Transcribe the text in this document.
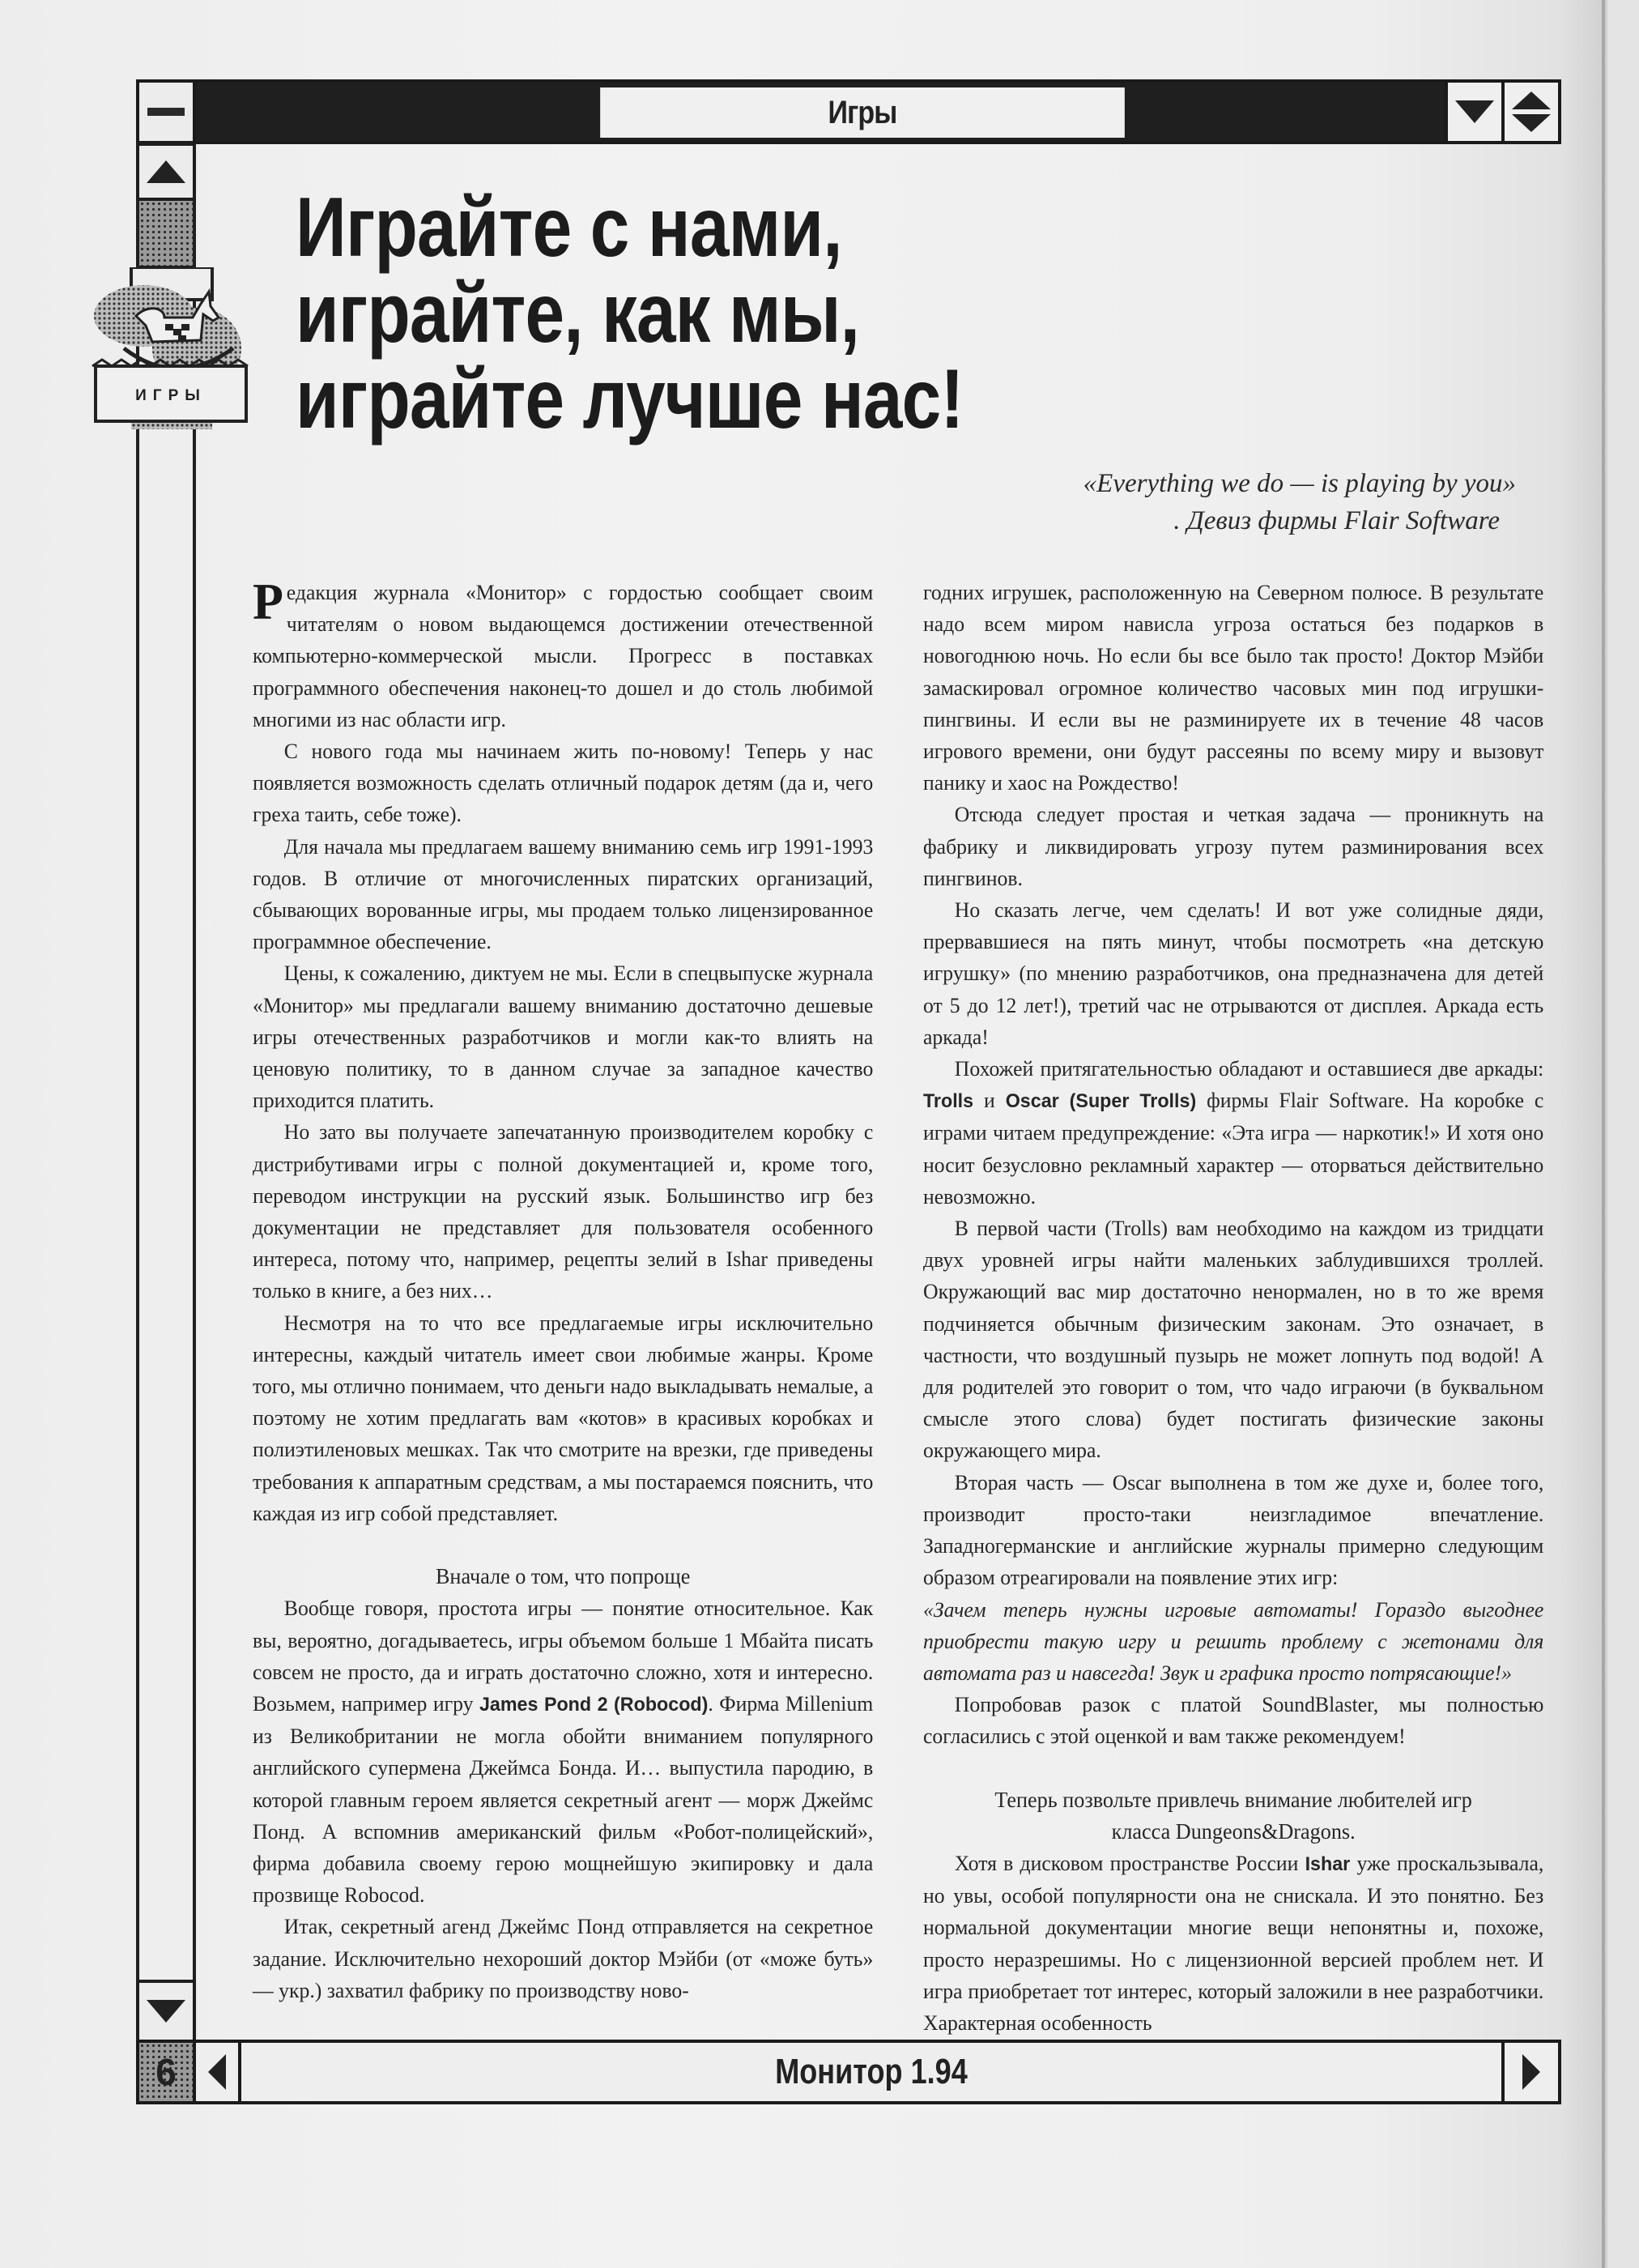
Игры
ИГРЫ
Играйте с нами,
играйте, как мы,
играйте лучше нас!
«Everything we do — is playing by you»
. Девиз фирмы Flair Software

Редакция журнала «Монитор» с гордостью сообщает своим читателям о новом выдающемся достижении отечественной компьютерно-коммерческой мысли. Прогресс в поставках программного обеспечения наконец-то дошел и до столь любимой многими из нас области игр.

С нового года мы начинаем жить по-новому! Теперь у нас появляется возможность сделать отличный подарок детям (да и, чего греха таить, себе тоже).

Для начала мы предлагаем вашему вниманию семь игр 1991-1993 годов. В отличие от многочисленных пиратских организаций, сбывающих ворованные игры, мы продаем только лицензированное программное обеспечение.

Цены, к сожалению, диктуем не мы. Если в спецвыпуске журнала «Монитор» мы предлагали вашему вниманию достаточно дешевые игры отечественных разработчиков и могли как-то влиять на ценовую политику, то в данном случае за западное качество приходится платить.

Но зато вы получаете запечатанную производителем коробку с дистрибутивами игры с полной документацией и, кроме того, переводом инструкции на русский язык. Большинство игр без документации не представляет для пользователя особенного интереса, потому что, например, рецепты зелий в Ishar приведены только в книге, а без них…

Несмотря на то что все предлагаемые игры исключительно интересны, каждый читатель имеет свои любимые жанры. Кроме того, мы отлично понимаем, что деньги надо выкладывать немалые, а поэтому не хотим предлагать вам «котов» в красивых коробках и полиэтиленовых мешках. Так что смотрите на врезки, где приведены требования к аппаратным средствам, а мы постараемся пояснить, что каждая из игр собой представляет.

Вначале о том, что попроще

Вообще говоря, простота игры — понятие относительное. Как вы, вероятно, догадываетесь, игры объемом больше 1 Мбайта писать совсем не просто, да и играть достаточно сложно, хотя и интересно. Возьмем, например игру James Pond 2 (Robocod). Фирма Millenium из Великобритании не могла обойти вниманием популярного английского супермена Джеймса Бонда. И… выпустила пародию, в которой главным героем является секретный агент — морж Джеймс Понд. А вспомнив американский фильм «Робот-полицейский», фирма добавила своему герою мощнейшую экипировку и дала прозвище Robocod.

Итак, секретный агенд Джеймс Понд отправляется на секретное задание. Исключительно нехороший доктор Мэйби (от «може буть» — укр.) захватил фабрику по производству ново-

годних игрушек, расположенную на Северном полюсе. В результате надо всем миром нависла угроза остаться без подарков в новогоднюю ночь. Но если бы все было так просто! Доктор Мэйби замаскировал огромное количество часовых мин под игрушки-пингвины. И если вы не разминируете их в течение 48 часов игрового времени, они будут рассеяны по всему миру и вызовут панику и хаос на Рождество!

Отсюда следует простая и четкая задача — проникнуть на фабрику и ликвидировать угрозу путем разминирования всех пингвинов.

Но сказать легче, чем сделать! И вот уже солидные дяди, прервавшиеся на пять минут, чтобы посмотреть «на детскую игрушку» (по мнению разработчиков, она предназначена для детей от 5 до 12 лет!), третий час не отрываются от дисплея. Аркада есть аркада!

Похожей притягательностью обладают и оставшиеся две аркады: Trolls и Oscar (Super Trolls) фирмы Flair Software. На коробке с играми читаем предупреждение: «Эта игра — наркотик!» И хотя оно носит безусловно рекламный характер — оторваться действительно невозможно.

В первой части (Trolls) вам необходимо на каждом из тридцати двух уровней игры найти маленьких заблудившихся троллей. Окружающий вас мир достаточно ненормален, но в то же время подчиняется обычным физическим законам. Это означает, в частности, что воздушный пузырь не может лопнуть под водой! А для родителей это говорит о том, что чадо играючи (в буквальном смысле этого слова) будет постигать физические законы окружающего мира.

Вторая часть — Oscar выполнена в том же духе и, более того, производит просто-таки неизгладимое впечатление. Западногерманские и английские журналы примерно следующим образом отреагировали на появление этих игр:

«Зачем теперь нужны игровые автоматы! Гораздо выгоднее приобрести такую игру и решить проблему с жетонами для автомата раз и навсегда! Звук и графика просто потрясающие!»

Попробовав разок с платой SoundBlaster, мы полностью согласились с этой оценкой и вам также рекомендуем!

Теперь позвольте привлечь внимание любителей игр
класса Dungeons&Dragons.

Хотя в дисковом пространстве России Ishar уже проскальзывала, но увы, особой популярности она не снискала. И это понятно. Без нормальной документации многие вещи непонятны и, похоже, просто неразрешимы. Но с лицензионной версией проблем нет. И игра приобретает тот интерес, который заложили в нее разработчики. Характерная особенность

6	Монитор 1.94
